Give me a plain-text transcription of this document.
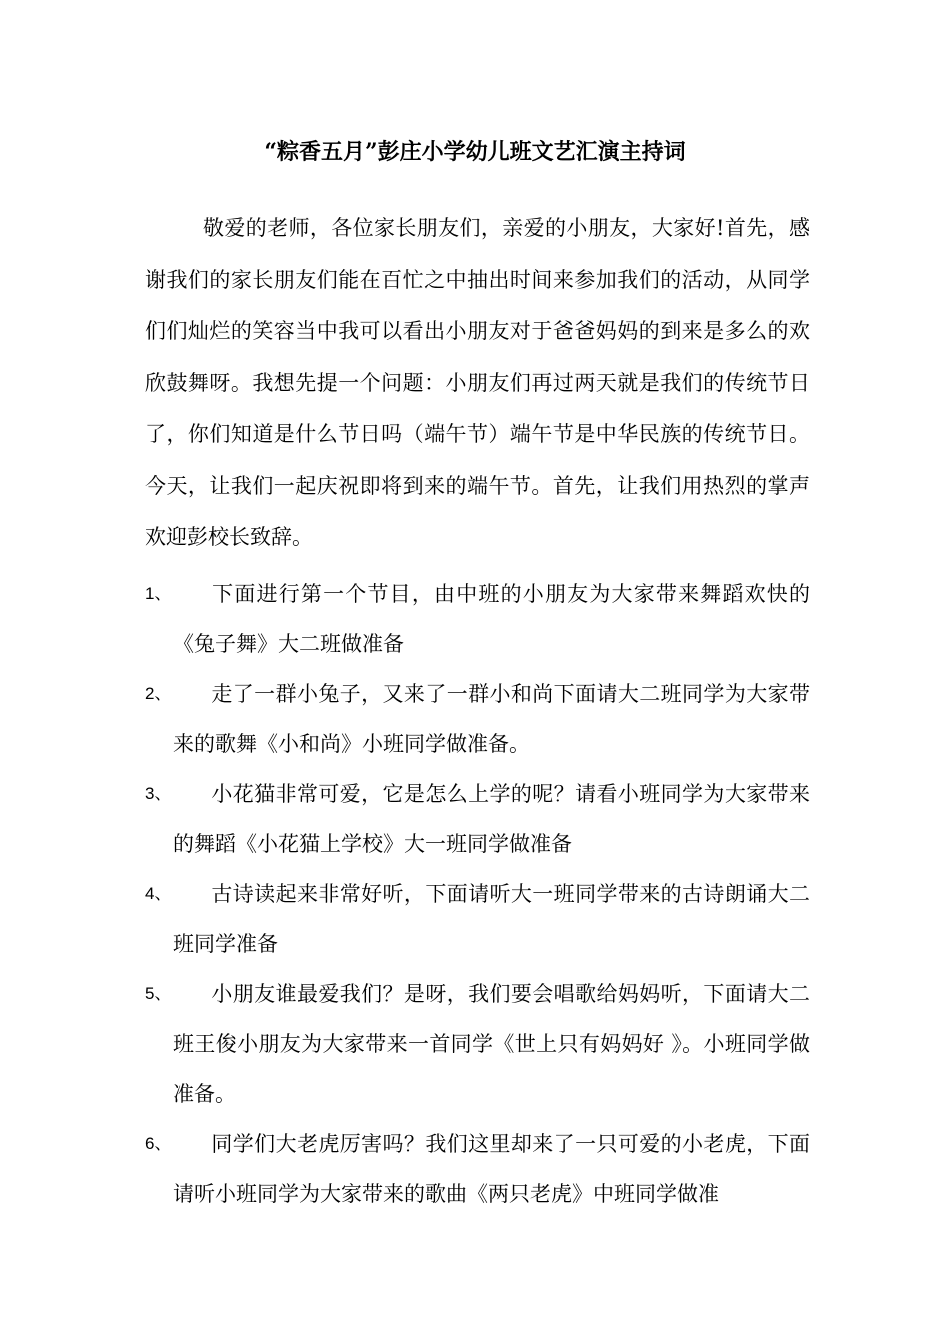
“粽香五月”彭庄小学幼儿班文艺汇演主持词

敬爱的老师，各位家长朋友们，亲爱的小朋友，大家好!首先，感谢我们的家长朋友们能在百忙之中抽出时间来参加我们的活动，从同学们们灿烂的笑容当中我可以看出小朋友对于爸爸妈妈的到来是多么的欢欣鼓舞呀。我想先提一个问题：小朋友们再过两天就是我们的传统节日了，你们知道是什么节日吗（端午节）端午节是中华民族的传统节日。今天，让我们一起庆祝即将到来的端午节。首先，让我们用热烈的掌声欢迎彭校长致辞。

1、	下面进行第一个节目，由中班的小朋友为大家带来舞蹈欢快的《兔子舞》大二班做准备
2、	走了一群小兔子，又来了一群小和尚下面请大二班同学为大家带来的歌舞《小和尚》小班同学做准备。
3、	小花猫非常可爱，它是怎么上学的呢？请看小班同学为大家带来的舞蹈《小花猫上学校》大一班同学做准备
4、	古诗读起来非常好听，下面请听大一班同学带来的古诗朗诵大二班同学准备
5、	小朋友谁最爱我们？是呀，我们要会唱歌给妈妈听，下面请大二班王俊小朋友为大家带来一首同学《世上只有妈妈好 》。小班同学做准备。
6、	同学们大老虎厉害吗？我们这里却来了一只可爱的小老虎，下面请听小班同学为大家带来的歌曲《两只老虎》中班同学做准
